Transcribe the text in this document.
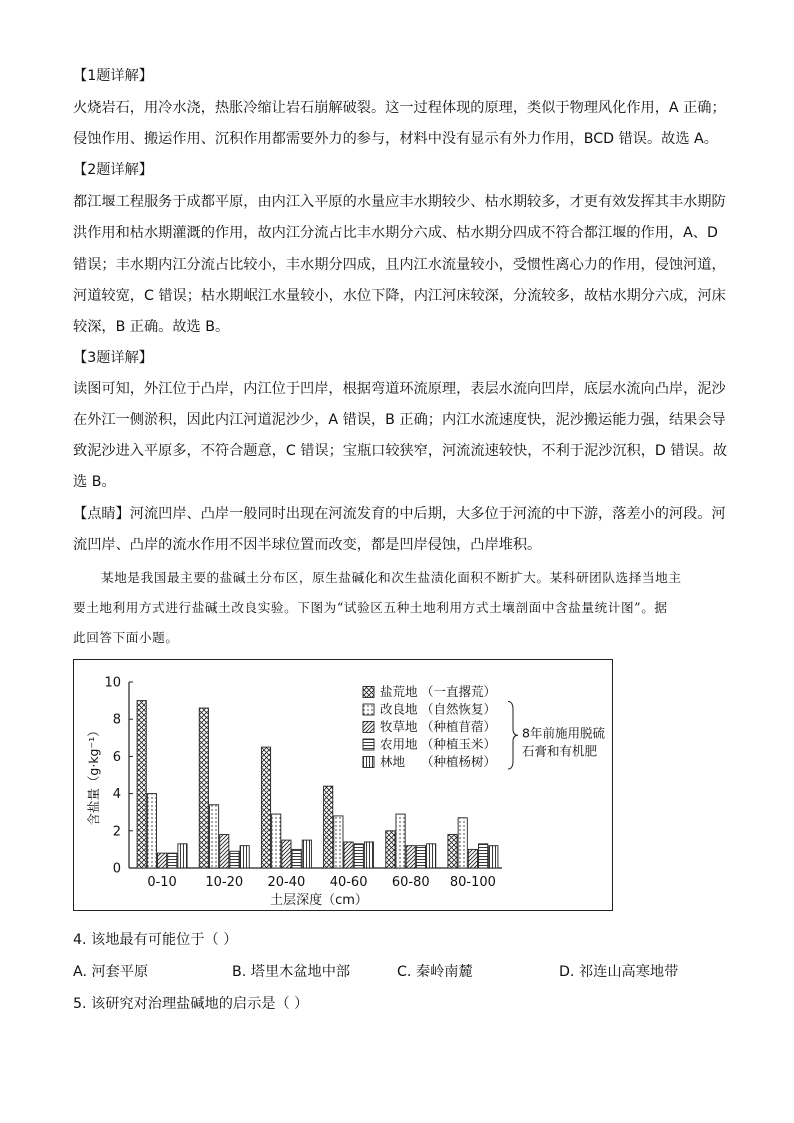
【1题详解】
火烧岩石，用冷水浇，热胀冷缩让岩石崩解破裂。这一过程体现的原理，类似于物理风化作用，A 正确；
侵蚀作用、搬运作用、沉积作用都需要外力的参与，材料中没有显示有外力作用，BCD 错误。故选 A。
【2题详解】
都江堰工程服务于成都平原，由内江入平原的水量应丰水期较少、枯水期较多，才更有效发挥其丰水期防
洪作用和枯水期灌溉的作用，故内江分流占比丰水期分六成、枯水期分四成不符合都江堰的作用，A、D
错误；丰水期内江分流占比较小，丰水期分四成，且内江水流量较小，受惯性离心力的作用，侵蚀河道，
河道较宽，C 错误；枯水期岷江水量较小，水位下降，内江河床较深，分流较多，故枯水期分六成，河床
较深，B 正确。故选 B。
【3题详解】
读图可知，外江位于凸岸，内江位于凹岸，根据弯道环流原理，表层水流向凹岸，底层水流向凸岸，泥沙
在外江一侧淤积，因此内江河道泥沙少，A 错误，B 正确；内江水流速度快，泥沙搬运能力强，结果会导
致泥沙进入平原多，不符合题意，C 错误；宝瓶口较狭窄，河流流速较快，不利于泥沙沉积，D 错误。故
选 B。
【点睛】河流凹岸、凸岸一般同时出现在河流发育的中后期，大多位于河流的中下游，落差小的河段。河
流凹岸、凸岸的流水作用不因半球位置而改变，都是凹岸侵蚀，凸岸堆积。
某地是我国最主要的盐碱土分布区，原生盐碱化和次生盐渍化面积不断扩大。某科研团队选择当地主
要土地利用方式进行盐碱土改良实验。下图为“试验区五种土地利用方式土壤剖面中含盐量统计图”。据
此回答下面小题。
0
2
4
6
8
10
含盐量（g·kg⁻¹）
土层深度（cm）
0-10 10-20 20-40 40-60 60-80 80-100
盐荒地 （一直撂荒）
改良地 （自然恢复）
牧草地 （种植苜蓿）
农用地 （种植玉米）
林地 （种植杨树）
8年前施用脱硫
石膏和有机肥
4. 该地最有可能位于（ ）
A. 河套平原	B. 塔里木盆地中部	C. 秦岭南麓	D. 祁连山高寒地带
5. 该研究对治理盐碱地的启示是（ ）
